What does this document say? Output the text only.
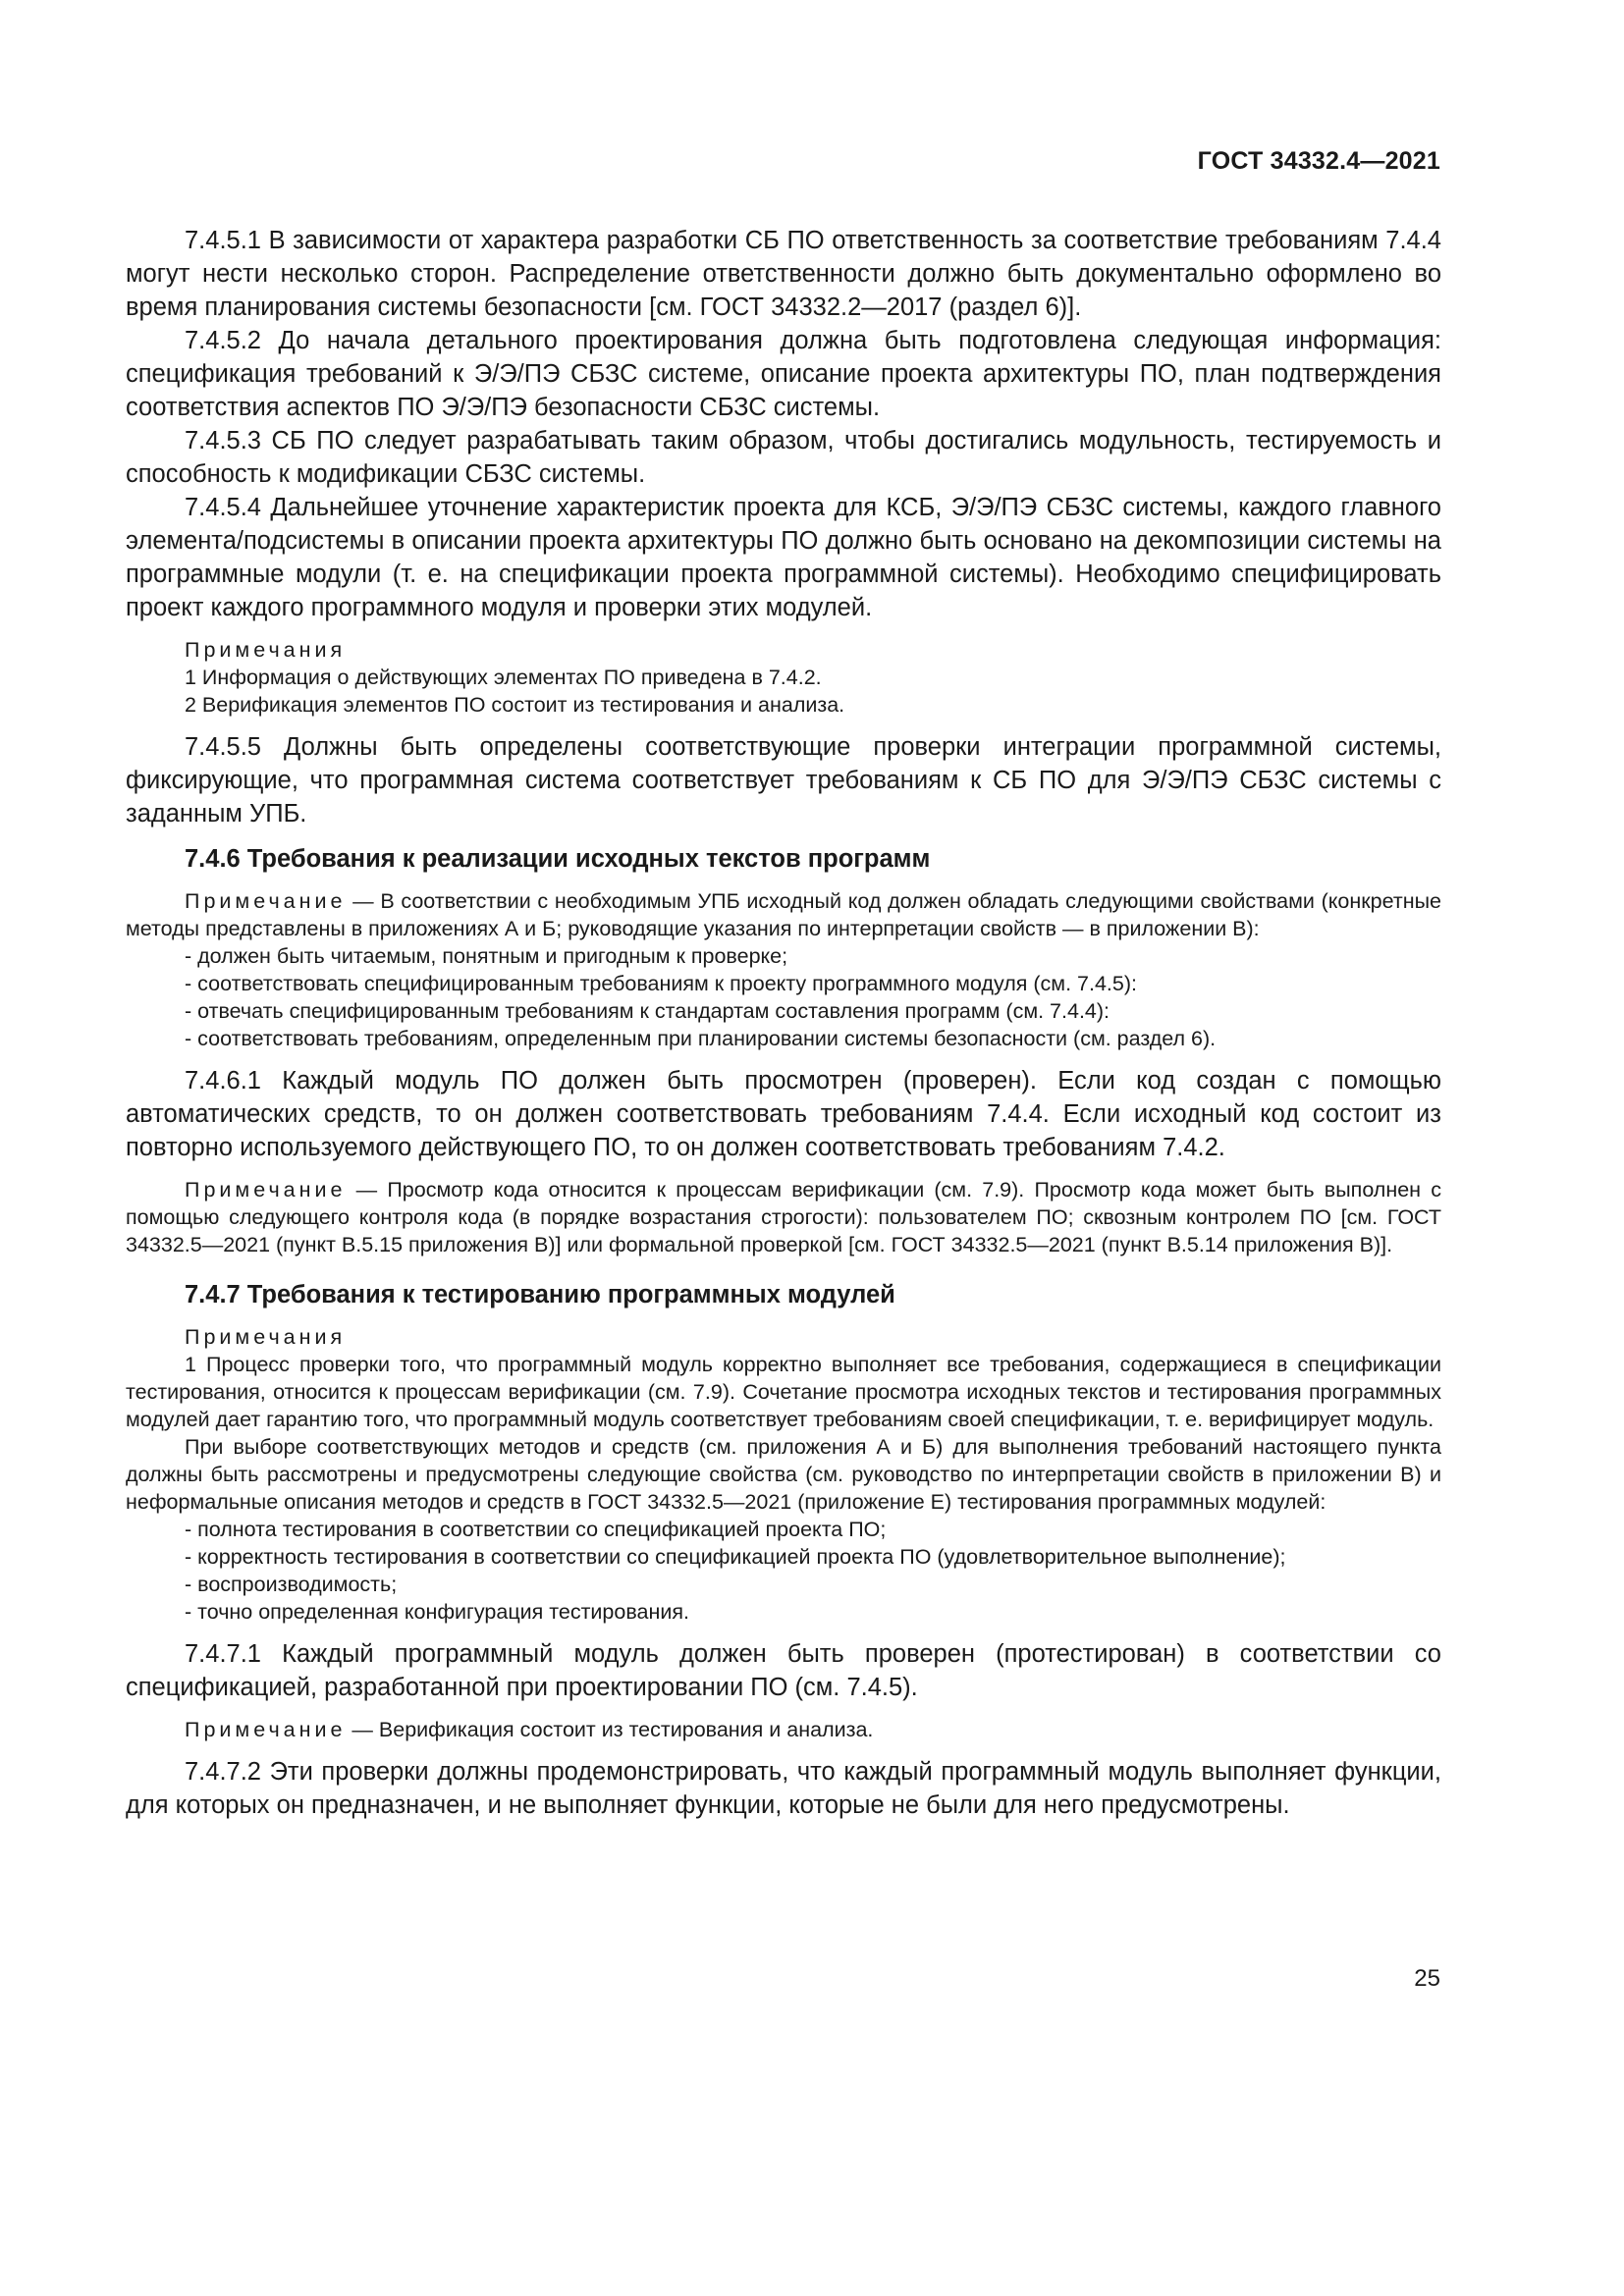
ГОСТ 34332.4—2021

7.4.5.1 В зависимости от характера разработки СБ ПО ответственность за соответствие требованиям 7.4.4 могут нести несколько сторон. Распределение ответственности должно быть документально оформлено во время планирования системы безопасности [см. ГОСТ 34332.2—2017 (раздел 6)].

7.4.5.2 До начала детального проектирования должна быть подготовлена следующая информация: спецификация требований к Э/Э/ПЭ СБЗС системе, описание проекта архитектуры ПО, план подтверждения соответствия аспектов ПО Э/Э/ПЭ безопасности СБЗС системы.

7.4.5.3 СБ ПО следует разрабатывать таким образом, чтобы достигались модульность, тестируемость и способность к модификации СБЗС системы.

7.4.5.4 Дальнейшее уточнение характеристик проекта для КСБ, Э/Э/ПЭ СБЗС системы, каждого главного элемента/подсистемы в описании проекта архитектуры ПО должно быть основано на декомпозиции системы на программные модули (т. е. на спецификации проекта программной системы). Необходимо специфицировать проект каждого программного модуля и проверки этих модулей.

Примечания

1 Информация о действующих элементах ПО приведена в 7.4.2.

2 Верификация элементов ПО состоит из тестирования и анализа.

7.4.5.5 Должны быть определены соответствующие проверки интеграции программной системы, фиксирующие, что программная система соответствует требованиям к СБ ПО для Э/Э/ПЭ СБЗС системы с заданным УПБ.

7.4.6 Требования к реализации исходных текстов программ

Примечание — В соответствии с необходимым УПБ исходный код должен обладать следующими свойствами (конкретные методы представлены в приложениях А и Б; руководящие указания по интерпретации свойств — в приложении В):

- должен быть читаемым, понятным и пригодным к проверке;

- соответствовать специфицированным требованиям к проекту программного модуля (см. 7.4.5):

- отвечать специфицированным требованиям к стандартам составления программ (см. 7.4.4):

- соответствовать требованиям, определенным при планировании системы безопасности (см. раздел 6).

7.4.6.1 Каждый модуль ПО должен быть просмотрен (проверен). Если код создан с помощью автоматических средств, то он должен соответствовать требованиям 7.4.4. Если исходный код состоит из повторно используемого действующего ПО, то он должен соответствовать требованиям 7.4.2.

Примечание — Просмотр кода относится к процессам верификации (см. 7.9). Просмотр кода может быть выполнен с помощью следующего контроля кода (в порядке возрастания строгости): пользователем ПО; сквозным контролем ПО [см. ГОСТ 34332.5—2021 (пункт В.5.15 приложения В)] или формальной проверкой [см. ГОСТ 34332.5—2021 (пункт В.5.14 приложения В)].

7.4.7 Требования к тестированию программных модулей

Примечания

1 Процесс проверки того, что программный модуль корректно выполняет все требования, содержащиеся в спецификации тестирования, относится к процессам верификации (см. 7.9). Сочетание просмотра исходных текстов и тестирования программных модулей дает гарантию того, что программный модуль соответствует требованиям своей спецификации, т. е. верифицирует модуль.

При выборе соответствующих методов и средств (см. приложения А и Б) для выполнения требований настоящего пункта должны быть рассмотрены и предусмотрены следующие свойства (см. руководство по интерпретации свойств в приложении В) и неформальные описания методов и средств в ГОСТ 34332.5—2021 (приложение Е) тестирования программных модулей:

- полнота тестирования в соответствии со спецификацией проекта ПО;

- корректность тестирования в соответствии со спецификацией проекта ПО (удовлетворительное выполнение);

- воспроизводимость;

- точно определенная конфигурация тестирования.

7.4.7.1 Каждый программный модуль должен быть проверен (протестирован) в соответствии со спецификацией, разработанной при проектировании ПО (см. 7.4.5).

Примечание — Верификация состоит из тестирования и анализа.

7.4.7.2 Эти проверки должны продемонстрировать, что каждый программный модуль выполняет функции, для которых он предназначен, и не выполняет функции, которые не были для него предусмотрены.

25
